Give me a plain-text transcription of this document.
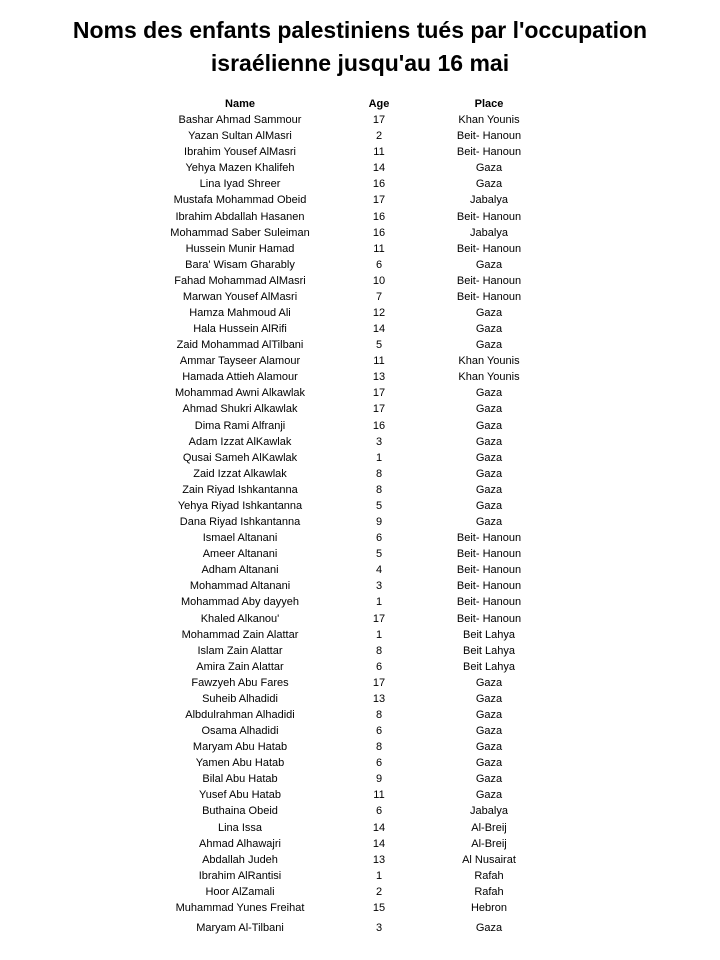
Noms des enfants palestiniens tués par l'occupation
israélienne jusqu'au 16 mai
Name	Age	Place
Bashar Ahmad Sammour	17	Khan Younis
Yazan Sultan AlMasri	2	Beit- Hanoun
Ibrahim Yousef AlMasri	11	Beit- Hanoun
Yehya Mazen Khalifeh	14	Gaza
Lina Iyad Shreer	16	Gaza
Mustafa Mohammad Obeid	17	Jabalya
Ibrahim Abdallah Hasanen	16	Beit- Hanoun
Mohammad Saber Suleiman	16	Jabalya
Hussein Munir Hamad	11	Beit- Hanoun
Bara' Wisam Gharably	6	Gaza
Fahad Mohammad AlMasri	10	Beit- Hanoun
Marwan Yousef AlMasri	7	Beit- Hanoun
Hamza Mahmoud Ali	12	Gaza
Hala Hussein AlRifi	14	Gaza
Zaid Mohammad AlTilbani	5	Gaza
Ammar Tayseer Alamour	11	Khan Younis
Hamada Attieh Alamour	13	Khan Younis
Mohammad Awni Alkawlak	17	Gaza
Ahmad Shukri Alkawlak	17	Gaza
Dima Rami Alfranji	16	Gaza
Adam Izzat AlKawlak	3	Gaza
Qusai Sameh AlKawlak	1	Gaza
Zaid Izzat Alkawlak	8	Gaza
Zain Riyad Ishkantanna	8	Gaza
Yehya Riyad Ishkantanna	5	Gaza
Dana Riyad Ishkantanna	9	Gaza
Ismael Altanani	6	Beit- Hanoun
Ameer Altanani	5	Beit- Hanoun
Adham Altanani	4	Beit- Hanoun
Mohammad Altanani	3	Beit- Hanoun
Mohammad Aby dayyeh	1	Beit- Hanoun
Khaled Alkanou'	17	Beit- Hanoun
Mohammad Zain Alattar	1	Beit Lahya
Islam Zain Alattar	8	Beit Lahya
Amira Zain Alattar	6	Beit Lahya
Fawzyeh Abu Fares	17	Gaza
Suheib Alhadidi	13	Gaza
Albdulrahman Alhadidi	8	Gaza
Osama Alhadidi	6	Gaza
Maryam Abu Hatab	8	Gaza
Yamen Abu Hatab	6	Gaza
Bilal Abu Hatab	9	Gaza
Yusef Abu Hatab	11	Gaza
Buthaina Obeid	6	Jabalya
Lina Issa	14	Al-Breij
Ahmad Alhawajri	14	Al-Breij
Abdallah Judeh	13	Al Nusairat
Ibrahim AlRantisi	1	Rafah
Hoor AlZamali	2	Rafah
Muhammad Yunes Freihat	15	Hebron
Maryam Al-Tilbani	3	Gaza
